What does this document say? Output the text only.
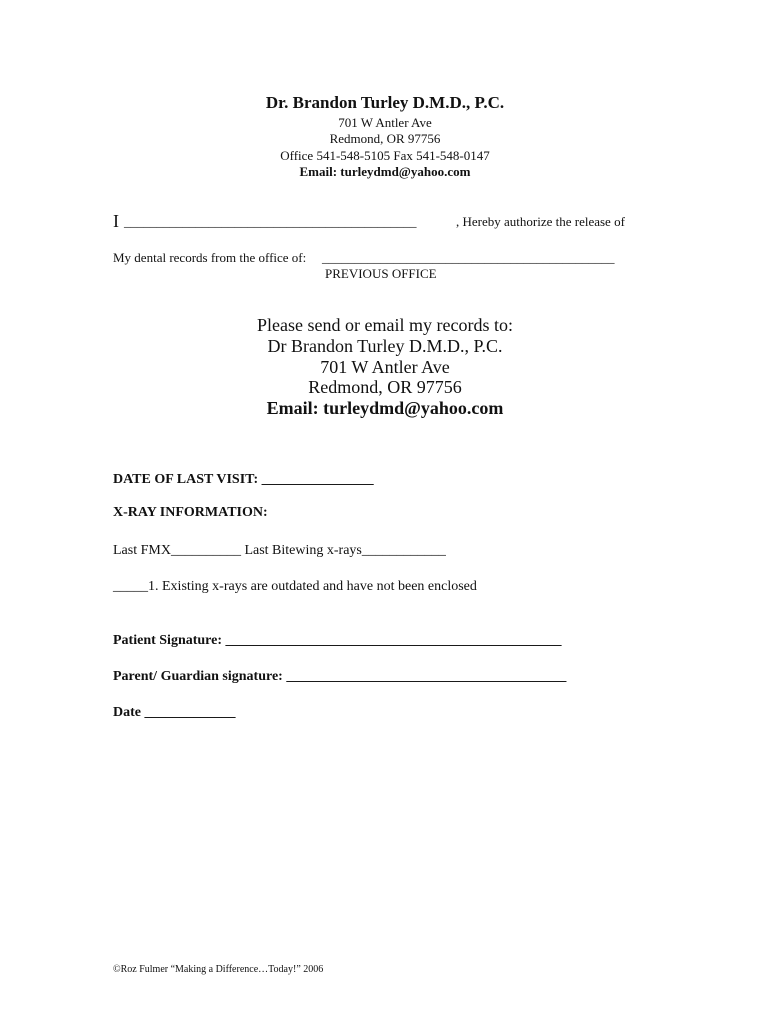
Dr. Brandon Turley D.M.D., P.C.
701 W Antler Ave
Redmond, OR 97756
Office 541-548-5105 Fax 541-548-0147
Email: turleydmd@yahoo.com
I _____________________________________________	, Hereby authorize the release of
My dental records from the office of: _____________________________________________
PREVIOUS OFFICE
Please send or email my records to:
Dr Brandon Turley D.M.D., P.C.
701 W Antler Ave
Redmond, OR 97756
Email: turleydmd@yahoo.com
DATE OF LAST VISIT: ________________
X-RAY INFORMATION:
Last FMX__________ Last Bitewing x-rays____________
_____1. Existing x-rays are outdated and have not been enclosed
Patient Signature: ________________________________________________
Parent/ Guardian signature: ________________________________________
Date _____________
©Roz Fulmer “Making a Difference…Today!” 2006
